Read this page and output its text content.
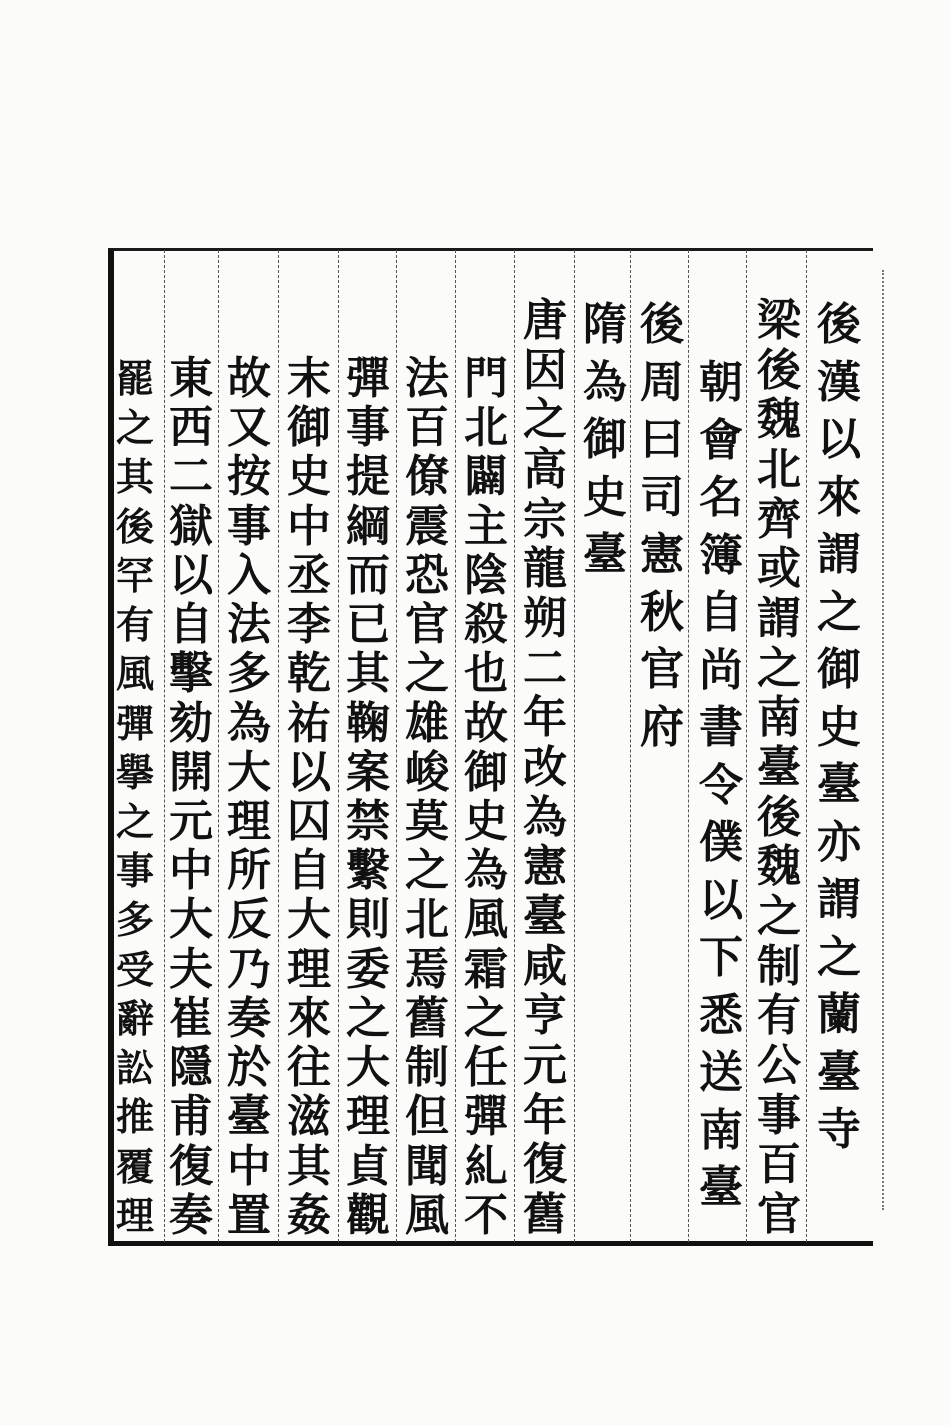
後
漢
以
來
謂
之
御
史
臺
亦
謂
之
蘭
臺
寺
梁
後
魏
北
齊
或
謂
之
南
臺
後
魏
之
制
有
公
事
百
官
朝
會
名
簿
自
尚
書
令
僕
以
下
悉
送
南
臺
後
周
曰
司
憲
秋
官
府
隋
為
御
史
臺
唐
因
之
高
宗
龍
朔
二
年
改
為
憲
臺
咸
亨
元
年
復
舊
門
北
闢
主
陰
殺
也
故
御
史
為
風
霜
之
任
彈
糺
不
法
百
僚
震
恐
官
之
雄
峻
莫
之
北
焉
舊
制
但
聞
風
彈
事
提
綱
而
已
其
鞠
案
禁
繫
則
委
之
大
理
貞
觀
末
御
史
中
丞
李
乾
祐
以
囚
自
大
理
來
往
滋
其
姦
故
又
按
事
入
法
多
為
大
理
所
反
乃
奏
於
臺
中
置
東
西
二
獄
以
自
擊
劾
開
元
中
大
夫
崔
隱
甫
復
奏
罷
之
其
後
罕
有
風
彈
擧
之
事
多
受
辭
訟
推
覆
理
